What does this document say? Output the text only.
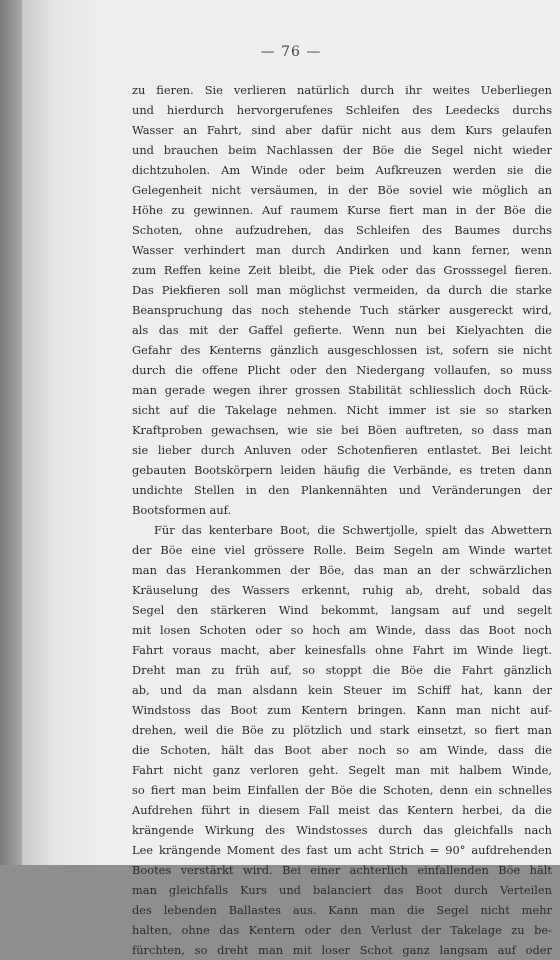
— 76 —
zu fieren. Sie verlieren natürlich durch ihr weites Ueberliegen
und hierdurch hervorgerufenes Schleifen des Leedecks durchs
Wasser an Fahrt, sind aber dafür nicht aus dem Kurs gelaufen
und brauchen beim Nachlassen der Böe die Segel nicht wieder
dichtzuholen. Am Winde oder beim Aufkreuzen werden sie die
Gelegenheit nicht versäumen, in der Böe soviel wie möglich an
Höhe zu gewinnen. Auf raumem Kurse fiert man in der Böe die
Schoten, ohne aufzudrehen, das Schleifen des Baumes durchs
Wasser verhindert man durch Andirken und kann ferner, wenn
zum Reffen keine Zeit bleibt, die Piek oder das Grosssegel fieren.
Das Piekfieren soll man möglichst vermeiden, da durch die starke
Beanspruchung das noch stehende Tuch stärker ausgereckt wird,
als das mit der Gaffel gefierte. Wenn nun bei Kielyachten die
Gefahr des Kenterns gänzlich ausgeschlossen ist, sofern sie nicht
durch die offene Plicht oder den Niedergang vollaufen, so muss
man gerade wegen ihrer grossen Stabilität schliesslich doch Rück-
sicht auf die Takelage nehmen. Nicht immer ist sie so starken
Kraftproben gewachsen, wie sie bei Böen auftreten, so dass man
sie lieber durch Anluven oder Schotenfieren entlastet. Bei leicht
gebauten Bootskörpern leiden häufig die Verbände, es treten dann
undichte Stellen in den Plankennähten und Veränderungen der
Bootsformen auf.
Für das kenterbare Boot, die Schwertjolle, spielt das Abwettern
der Böe eine viel grössere Rolle. Beim Segeln am Winde wartet
man das Herankommen der Böe, das man an der schwärzlichen
Kräuselung des Wassers erkennt, ruhig ab, dreht, sobald das
Segel den stärkeren Wind bekommt, langsam auf und segelt
mit losen Schoten oder so hoch am Winde, dass das Boot noch
Fahrt voraus macht, aber keinesfalls ohne Fahrt im Winde liegt.
Dreht man zu früh auf, so stoppt die Böe die Fahrt gänzlich
ab, und da man alsdann kein Steuer im Schiff hat, kann der
Windstoss das Boot zum Kentern bringen. Kann man nicht auf-
drehen, weil die Böe zu plötzlich und stark einsetzt, so fiert man
die Schoten, hält das Boot aber noch so am Winde, dass die
Fahrt nicht ganz verloren geht. Segelt man mit halbem Winde,
so fiert man beim Einfallen der Böe die Schoten, denn ein schnelles
Aufdrehen führt in diesem Fall meist das Kentern herbei, da die
krängende Wirkung des Windstosses durch das gleichfalls nach
Lee krängende Moment des fast um acht Strich = 90° aufdrehenden
Bootes verstärkt wird. Bei einer achterlich einfallenden Böe hält
man gleichfalls Kurs und balanciert das Boot durch Verteilen
des lebenden Ballastes aus. Kann man die Segel nicht mehr
halten, ohne das Kentern oder den Verlust der Takelage zu be-
fürchten, so dreht man mit loser Schot ganz langsam auf oder
